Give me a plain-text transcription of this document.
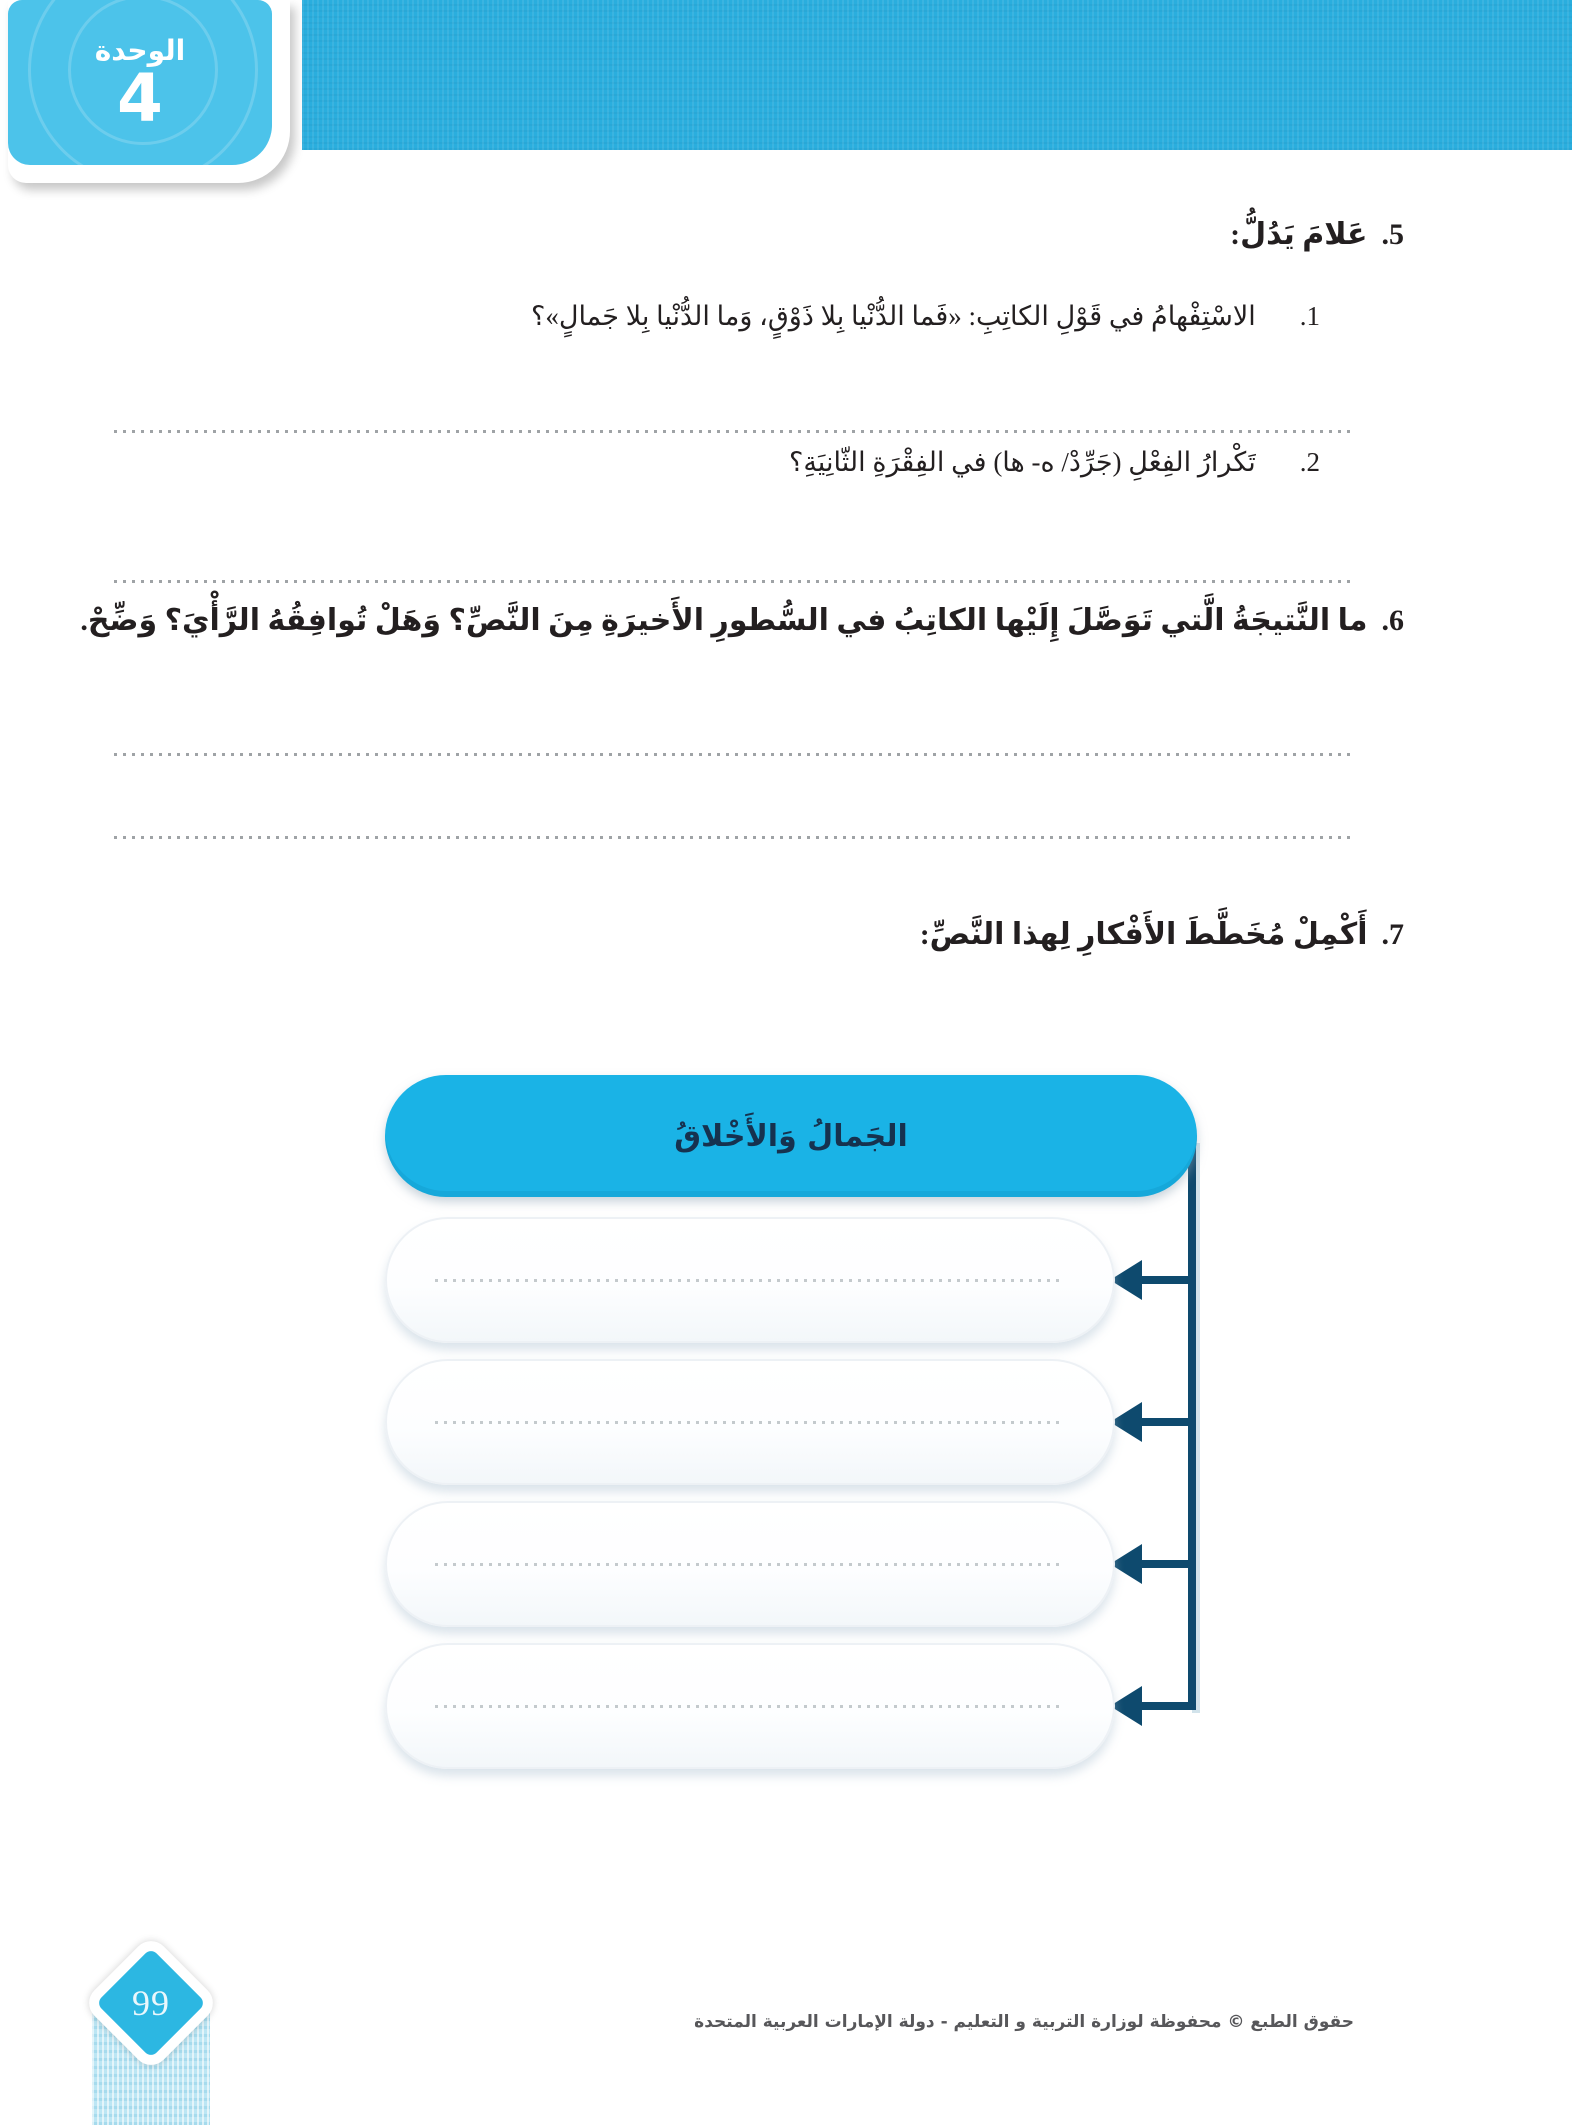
الوحدة
4
5.
عَلامَ يَدُلُّ:
1.
الاسْتِفْهامُ في قَوْلِ الكاتِبِ: «فَما الدُّنْيا بِلا ذَوْقٍ، وَما الدُّنْيا بِلا جَمالٍ»؟
2.
تَكْرارُ الفِعْلِ (جَرِّدْ/ ه- ها) في الفِقْرَةِ الثّانِيَةِ؟
6.
ما النَّتيجَةُ الَّتي تَوَصَّلَ إِلَيْها الكاتِبُ في السُّطورِ الأَخيرَةِ مِنَ النَّصِّ؟ وَهَلْ تُوافِقُهُ الرَّأْيَ؟ وَضِّحْ.
7.
أَكْمِلْ مُخَطَّطَ الأَفْكارِ لِهذا النَّصِّ:
الجَمالُ وَالأَخْلاقُ
99	حقوق الطبع © محفوظة لوزارة التربية و التعليم - دولة الإمارات العربية المتحدة
